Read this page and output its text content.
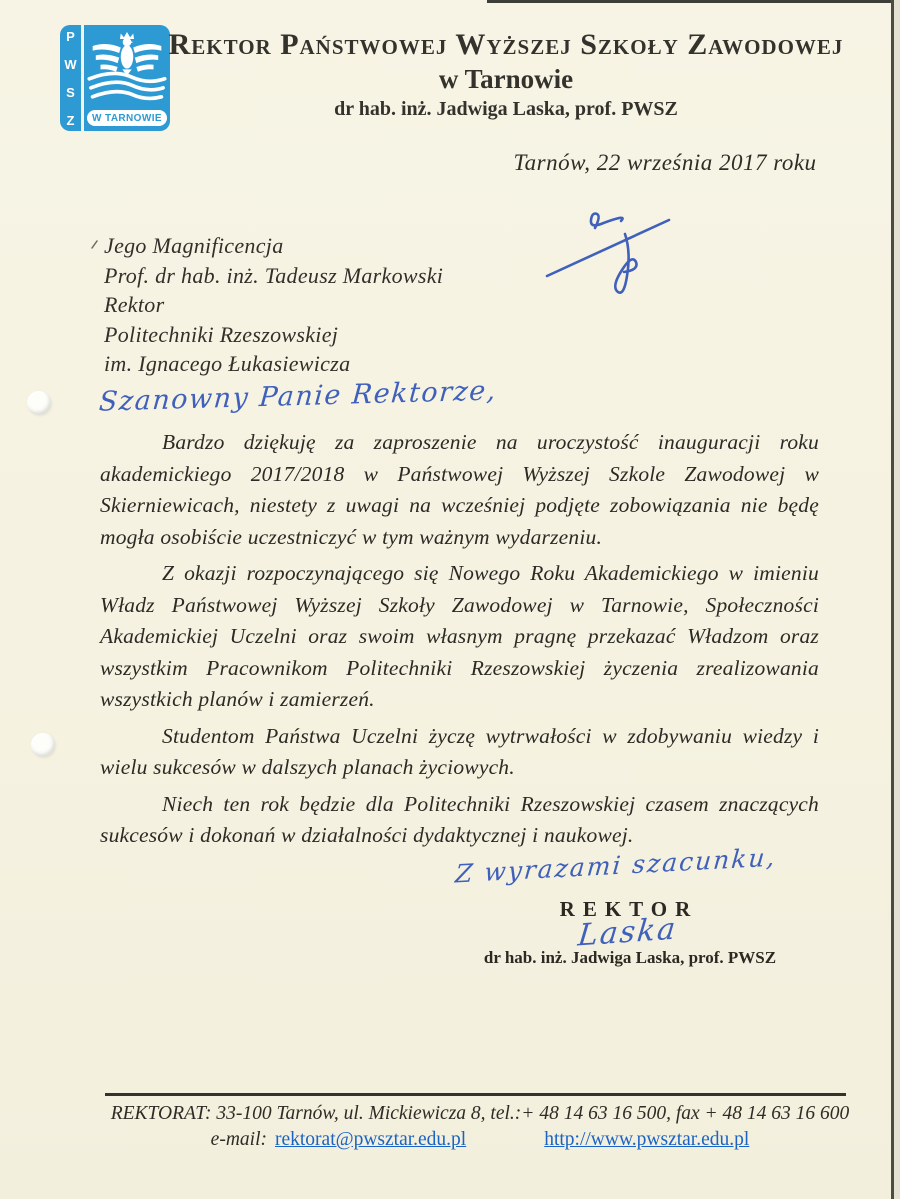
P
W
S
Z W TARNOWIE
Rektor Państwowej Wyższej Szkoły Zawodowej
w Tarnowie
dr hab. inż. Jadwiga Laska, prof. PWSZ
Tarnów, 22 września 2017 roku
Jego Magnificencja
Prof. dr hab. inż. Tadeusz Markowski
Rektor
Politechniki Rzeszowskiej
im. Ignacego Łukasiewicza
Szanowny Panie Rektorze,

Bardzo dziękuję za zaproszenie na uroczystość inauguracji roku akademickiego 2017/2018 w Państwowej Wyższej Szkole Zawodowej w Skierniewicach, niestety z uwagi na wcześniej podjęte zobowiązania nie będę mogła osobiście uczestniczyć w tym ważnym wydarzeniu.

Z okazji rozpoczynającego się Nowego Roku Akademickiego w imieniu Władz Państwowej Wyższej Szkoły Zawodowej w Tarnowie, Społeczności Akademickiej Uczelni oraz swoim własnym pragnę przekazać Władzom oraz wszystkim Pracownikom Politechniki Rzeszowskiej życzenia zrealizowania wszystkich planów i zamierzeń.

Studentom Państwa Uczelni życzę wytrwałości w zdobywaniu wiedzy i wielu sukcesów w dalszych planach życiowych.

Niech ten rok będzie dla Politechniki Rzeszowskiej czasem znaczących sukcesów i dokonań w działalności dydaktycznej i naukowej.

Z wyrazami szacunku,
REKTOR
Laska
dr hab. inż. Jadwiga Laska, prof. PWSZ
REKTORAT: 33-100 Tarnów, ul. Mickiewicza 8, tel.:+ 48 14 63 16 500, fax + 48 14 63 16 600
e-mail: rektorat@pwsztar.edu.pl	http://www.pwsztar.edu.pl
